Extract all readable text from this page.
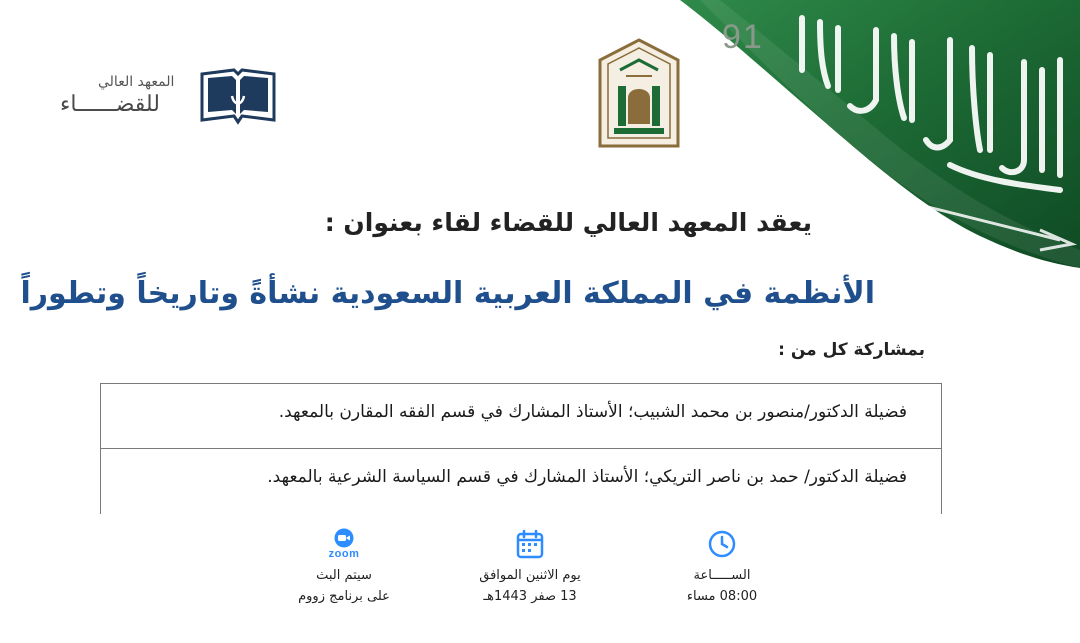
91
المعهد العالي
للقضــــــاء
يعقد المعهد العالي للقضاء لقاء بعنوان :
الأنظمة في المملكة العربية السعودية نشأةً وتاريخاً وتطوراً
بمشاركة كل من :
فضيلة الدكتور/منصور بن محمد الشبيب؛ الأستاذ المشارك في قسم الفقه المقارن بالمعهد.
فضيلة الدكتور/ حمد بن ناصر التريكي؛ الأستاذ المشارك في قسم السياسة الشرعية بالمعهد.
الســـــاعة
08:00 مساء
يوم الاثنين الموافق
13 صفر 1443هـ
zoom
سيتم البث
على برنامج زووم
